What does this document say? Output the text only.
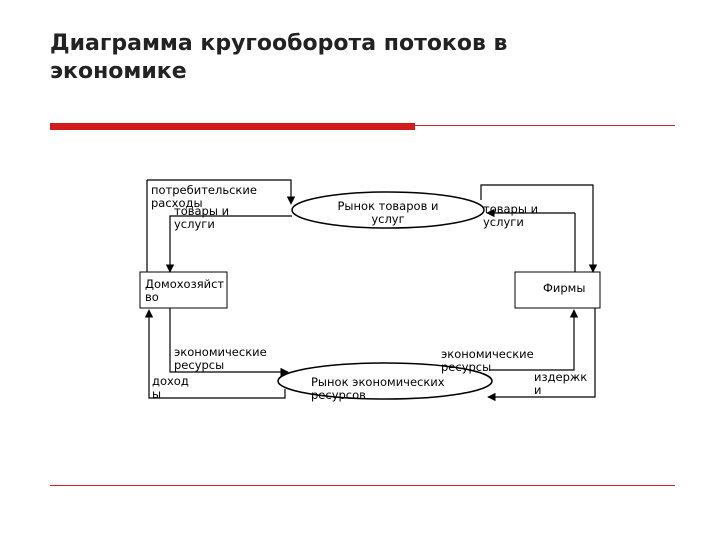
Диаграмма кругооборота потоков в
экономике
потребительские
расходы
товары и
услуги
Рынок товаров и
услуг
товары и
услуги
Домохозяйст
во
Фирмы
экономические
ресурсы
экономические
ресурсы
доход
ы
Рынок экономических
ресурсов
издержк
и
